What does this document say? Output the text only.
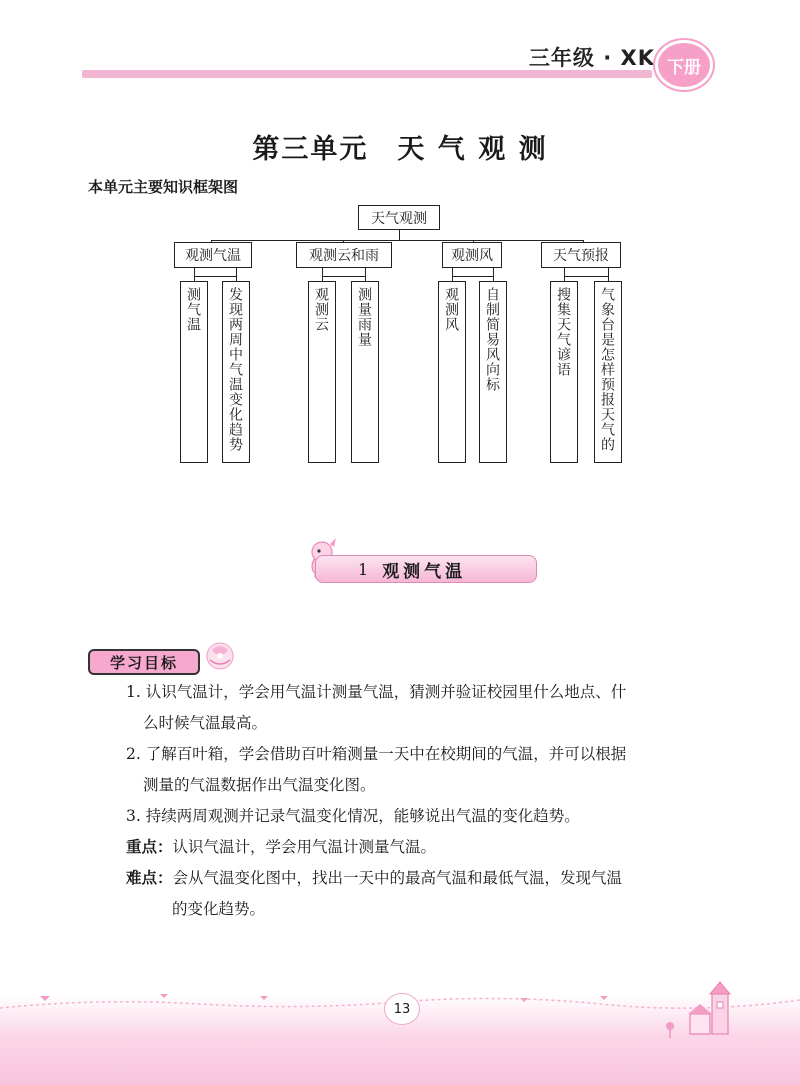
三年级 · XK 下册
第三单元　天 气 观 测
本单元主要知识框架图
天气观测
观测气温
测气温	发现两周中气温变化趋势
观测云和雨
观测云	测量雨量
观测风
观测风	自制简易风向标
天气预报
搜集天气谚语	气象台是怎样预报天气的
1 观测气温
学习目标
1. 认识气温计，学会用气温计测量气温，猜测并验证校园里什么地点、什
么时候气温最高。
2. 了解百叶箱，学会借助百叶箱测量一天中在校期间的气温，并可以根据
测量的气温数据作出气温变化图。
3. 持续两周观测并记录气温变化情况，能够说出气温的变化趋势。
重点：认识气温计，学会用气温计测量气温。
难点：会从气温变化图中，找出一天中的最高气温和最低气温，发现气温
的变化趋势。
13
